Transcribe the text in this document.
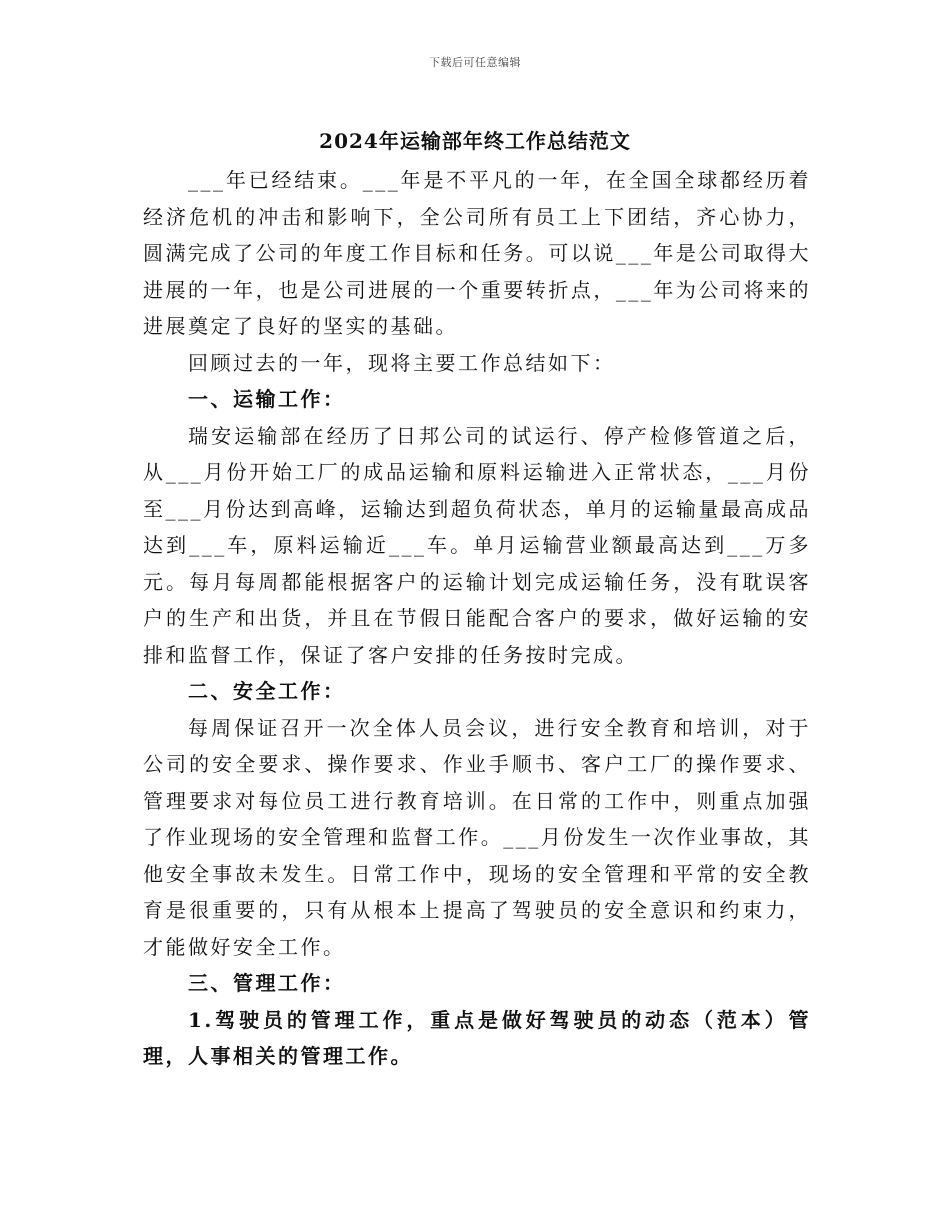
下载后可任意编辑
2024年运输部年终工作总结范文

___年已经结束。___年是不平凡的一年，在全国全球都经历着经济危机的冲击和影响下，全公司所有员工上下团结，齐心协力，圆满完成了公司的年度工作目标和任务。可以说___年是公司取得大进展的一年，也是公司进展的一个重要转折点，___年为公司将来的进展奠定了良好的坚实的基础。

回顾过去的一年，现将主要工作总结如下：

一、运输工作：

瑞安运输部在经历了日邦公司的试运行、停产检修管道之后，从___月份开始工厂的成品运输和原料运输进入正常状态，___月份至___月份达到高峰，运输达到超负荷状态，单月的运输量最高成品达到___车，原料运输近___车。单月运输营业额最高达到___万多元。每月每周都能根据客户的运输计划完成运输任务，没有耽误客户的生产和出货，并且在节假日能配合客户的要求，做好运输的安排和监督工作，保证了客户安排的任务按时完成。

二、安全工作：

每周保证召开一次全体人员会议，进行安全教育和培训，对于公司的安全要求、操作要求、作业手顺书、客户工厂的操作要求、管理要求对每位员工进行教育培训。在日常的工作中，则重点加强了作业现场的安全管理和监督工作。___月份发生一次作业事故，其他安全事故未发生。日常工作中，现场的安全管理和平常的安全教育是很重要的，只有从根本上提高了驾驶员的安全意识和约束力，才能做好安全工作。

三、管理工作：

1.驾驶员的管理工作，重点是做好驾驶员的动态（范本）管理，人事相关的管理工作。
